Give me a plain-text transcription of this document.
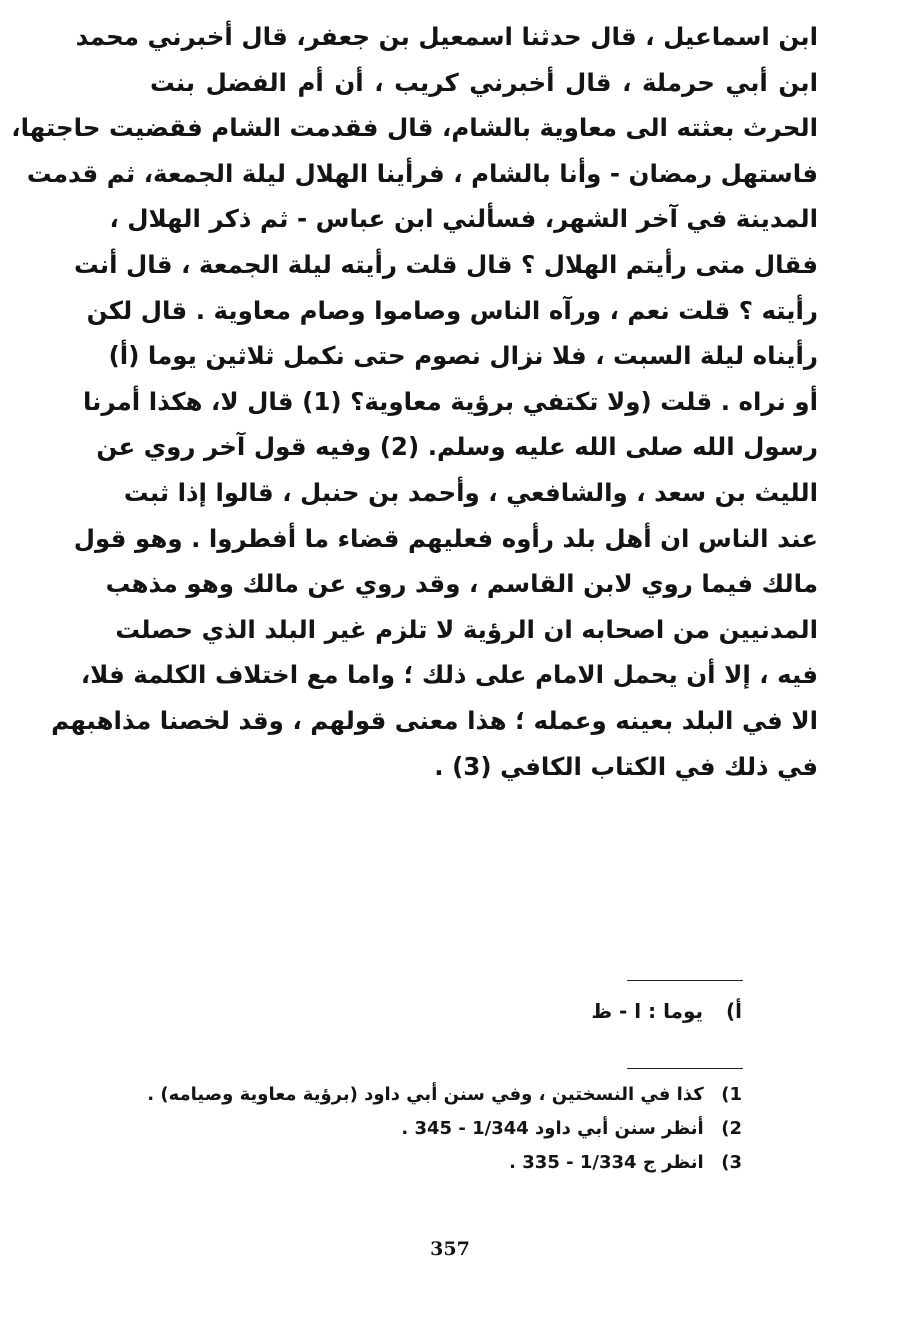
ابن اسماعيل ، قال حدثنا اسمعيل بن جعفر، قال أخبرني محمد
ابن أبي حرملة ، قال أخبرني كريب ، أن أم الفضل بنت
الحرث بعثته الى معاوية بالشام، قال فقدمت الشام فقضيت حاجتها،
فاستهل رمضان - وأنا بالشام ، فرأينا الهلال ليلة الجمعة، ثم قدمت
المدينة في آخر الشهر، فسألني ابن عباس - ثم ذكر الهلال ،
فقال متى رأيتم الهلال ؟ قال قلت رأيته ليلة الجمعة ، قال أنت
رأيته ؟ قلت نعم ، ورآه الناس وصاموا وصام معاوية . قال لكن
رأيناه ليلة السبت ، فلا نزال نصوم حتى نكمل ثلاثين يوما (أ)
أو نراه . قلت (ولا تكتفي برؤية معاوية؟ (1) قال لا، هكذا أمرنا
رسول الله صلى الله عليه وسلم. (2) وفيه قول آخر روي عن
الليث بن سعد ، والشافعي ، وأحمد بن حنبل ، قالوا إذا ثبت
عند الناس ان أهل بلد رأوه فعليهم قضاء ما أفطروا . وهو قول
مالك فيما روي لابن القاسم ، وقد روي عن مالك وهو مذهب
المدنيين من اصحابه ان الرؤية لا تلزم غير البلد الذي حصلت
فيه ، إلا أن يحمل الامام على ذلك ؛ واما مع اختلاف الكلمة فلا،
الا في البلد بعينه وعمله ؛ هذا معنى قولهم ، وقد لخصنا مذاهبهم
في ذلك في الكتاب الكافي (3) .
أ) يوما : ا - ظ
1) كذا في النسختين ، وفي سنن أبي داود (برؤية معاوية وصيامه) .
2) أنظر سنن أبي داود 1/344 - 345 .
3) انظر ج 1/334 - 335 .
357
